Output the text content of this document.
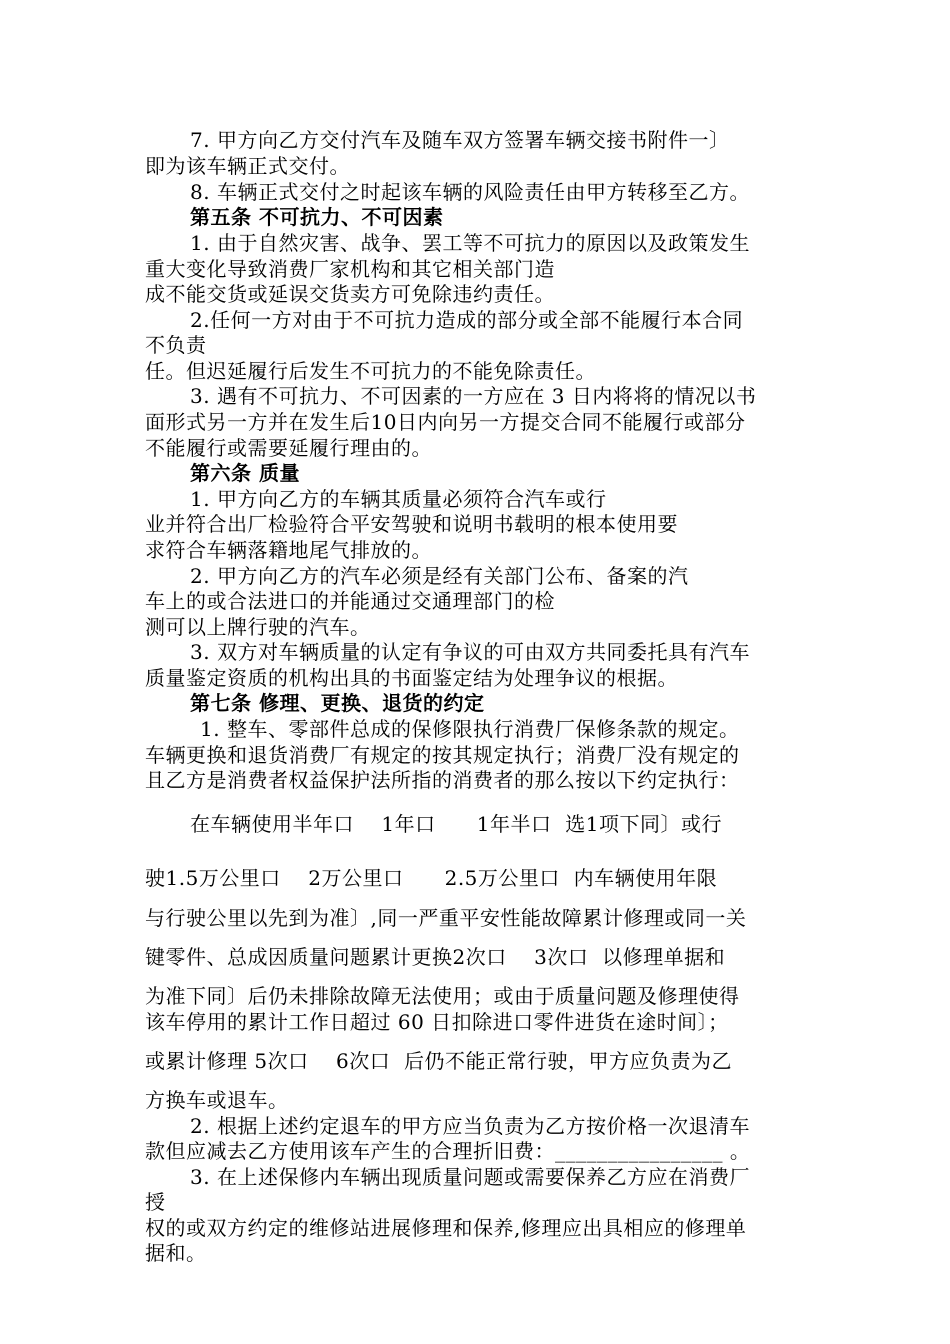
7. 甲方向乙方交付汽车及随车双方签署车辆交接书附件一〕
即为该车辆正式交付。
8. 车辆正式交付之时起该车辆的风险责任由甲方转移至乙方。
第五条 不可抗力、不可因素
1. 由于自然灾害、战争、罢工等不可抗力的原因以及政策发生
重大变化导致消费厂家机构和其它相关部门造
成不能交货或延误交货卖方可免除违约责任。
2.任何一方对由于不可抗力造成的部分或全部不能履行本合同
不负责
任。但迟延履行后发生不可抗力的不能免除责任。
3. 遇有不可抗力、不可因素的一方应在 3 日内将将的情况以书
面形式另一方并在发生后10日内向另一方提交合同不能履行或部分
不能履行或需要延履行理由的。
第六条 质量
1. 甲方向乙方的车辆其质量必须符合汽车或行
业并符合出厂检验符合平安驾驶和说明书载明的根本使用要
求符合车辆落籍地尾气排放的。
2. 甲方向乙方的汽车必须是经有关部门公布、备案的汽
车上的或合法进口的并能通过交通理部门的检
测可以上牌行驶的汽车。
3. 双方对车辆质量的认定有争议的可由双方共同委托具有汽车
质量鉴定资质的机构出具的书面鉴定结为处理争议的根据。
第七条 修理、更换、退货的约定
1. 整车、零部件总成的保修限执行消费厂保修条款的规定。
车辆更换和退货消费厂有规定的按其规定执行；消费厂没有规定的
且乙方是消费者权益保护法所指的消费者的那么按以下约定执行：
在车辆使用半年口    1年口      1年半口  选1项下同〕或行
驶1.5万公里口    2万公里口      2.5万公里口  内车辆使用年限
与行驶公里以先到为准〕,同一严重平安性能故障累计修理或同一关
键零件、总成因质量问题累计更换2次口    3次口  以修理单据和
为准下同〕后仍未排除故障无法使用；或由于质量问题及修理使得
该车停用的累计工作日超过 60 日扣除进口零件进货在途时间〕；
或累计修理 5次口    6次口  后仍不能正常行驶，甲方应负责为乙
方换车或退车。
2. 根据上述约定退车的甲方应当负责为乙方按价格一次退清车
款但应减去乙方使用该车产生的合理折旧费：________________ 。
3. 在上述保修内车辆出现质量问题或需要保养乙方应在消费厂
授
权的或双方约定的维修站进展修理和保养,修理应出具相应的修理单
据和。
